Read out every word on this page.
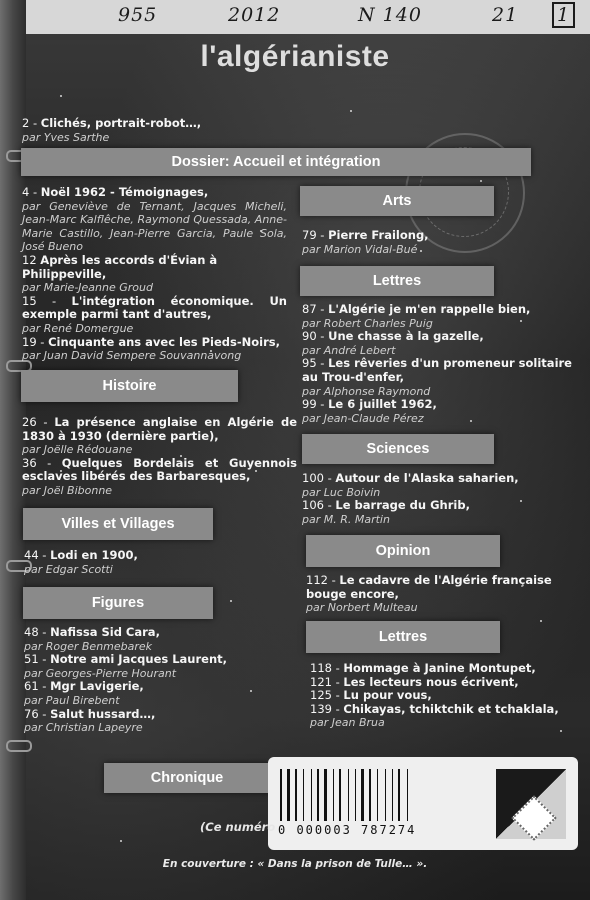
955	2012	N 140	21 1
l'algérianiste
2 - Clichés, portrait-robot…,
par Yves Sarthe
Dossier: Accueil et intégration
Arts
Lettres
Histoire
Sciences
Villes et Villages
Opinion
Figures
Lettres
Chronique
4 - Noël 1962 - Témoignages,
par Geneviève de Ternant, Jacques Micheli, Jean-Marc Kalflêche, Raymond Quessada, Anne-Marie Castillo, Jean-Pierre Garcia, Paule Sola, José Bueno
12 Après les accords d'Évian à Philippeville,
par Marie-Jeanne Groud
15 - L'intégration économique. Un exemple parmi tant d'autres,
par René Domergue
19 - Cinquante ans avec les Pieds-Noirs,
par Juan David Sempere Souvannavong
26 - La présence anglaise en Algérie de 1830 à 1930 (dernière partie),
par Joëlle Rédouane
36 - Quelques Bordelais et Guyennois esclaves libérés des Barbaresques,
par Joël Bibonne
44 - Lodi en 1900,
par Edgar Scotti
48 - Nafissa Sid Cara,
par Roger Benmebarek
51 - Notre ami Jacques Laurent,
par Georges-Pierre Hourant
61 - Mgr Lavigerie,
par Paul Birebent
76 - Salut hussard…,
par Christian Lapeyre
79 - Pierre Frailong,
par Marion Vidal-Bué
87 - L'Algérie je m'en rappelle bien,
par Robert Charles Puig
90 - Une chasse à la gazelle,
par André Lebert
95 - Les rêveries d'un promeneur solitaire au Trou-d'enfer,
par Alphonse Raymond
99 - Le 6 juillet 1962,
par Jean-Claude Pérez
100 - Autour de l'Alaska saharien,
par Luc Boivin
106 - Le barrage du Ghrib,
par M. R. Martin
112 - Le cadavre de l'Algérie française bouge encore,
par Norbert Multeau
118 - Hommage à Janine Montupet,
121 - Les lecteurs nous écrivent,
125 - Lu pour vous,
139 - Chikayas, tchiktchik et tchaklala,
par Jean Brua
0 000003 787274
(Ce numéro
En couverture : « Dans la prison de Tulle… ».
